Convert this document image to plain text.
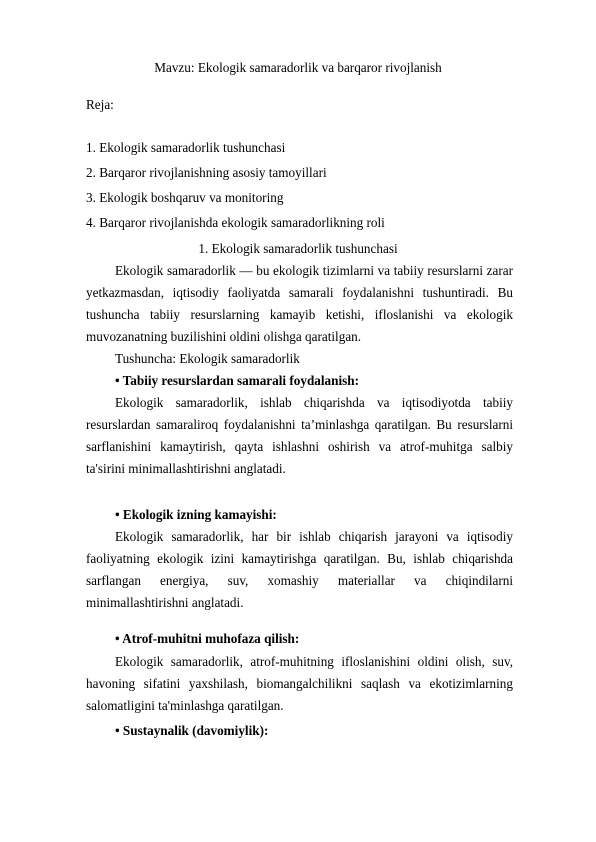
Mavzu: Ekologik samaradorlik va barqaror rivojlanish
Reja:
1. Ekologik samaradorlik tushunchasi
2. Barqaror rivojlanishning asosiy tamoyillari
3. Ekologik boshqaruv va monitoring
4. Barqaror rivojlanishda ekologik samaradorlikning roli
1. Ekologik samaradorlik tushunchasi

Ekologik samaradorlik — bu ekologik tizimlarni va tabiiy resurslarni zarar yetkazmasdan, iqtisodiy faoliyatda samarali foydalanishni tushuntiradi. Bu tushuncha tabiiy resurslarning kamayib ketishi, ifloslanishi va ekologik muvozanatning buzilishini oldini olishga qaratilgan.

Tushuncha: Ekologik samaradorlik
• Tabiiy resurslardan samarali foydalanish:

Ekologik samaradorlik, ishlab chiqarishda va iqtisodiyotda tabiiy resurslardan samaraliroq foydalanishni ta’minlashga qaratilgan. Bu resurslarni sarflanishini kamaytirish, qayta ishlashni oshirish va atrof-muhitga salbiy ta'sirini minimallashtirishni anglatadi.

• Ekologik izning kamayishi:

Ekologik samaradorlik, har bir ishlab chiqarish jarayoni va iqtisodiy faoliyatning ekologik izini kamaytirishga qaratilgan. Bu, ishlab chiqarishda sarflangan energiya, suv, xomashiy materiallar va chiqindilarni minimallashtirishni anglatadi.

• Atrof-muhitni muhofaza qilish:

Ekologik samaradorlik, atrof-muhitning ifloslanishini oldini olish, suv, havoning sifatini yaxshilash, biomangalchilikni saqlash va ekotizimlarning salomatligini ta'minlashga qaratilgan.

• Sustaynalik (davomiylik):
